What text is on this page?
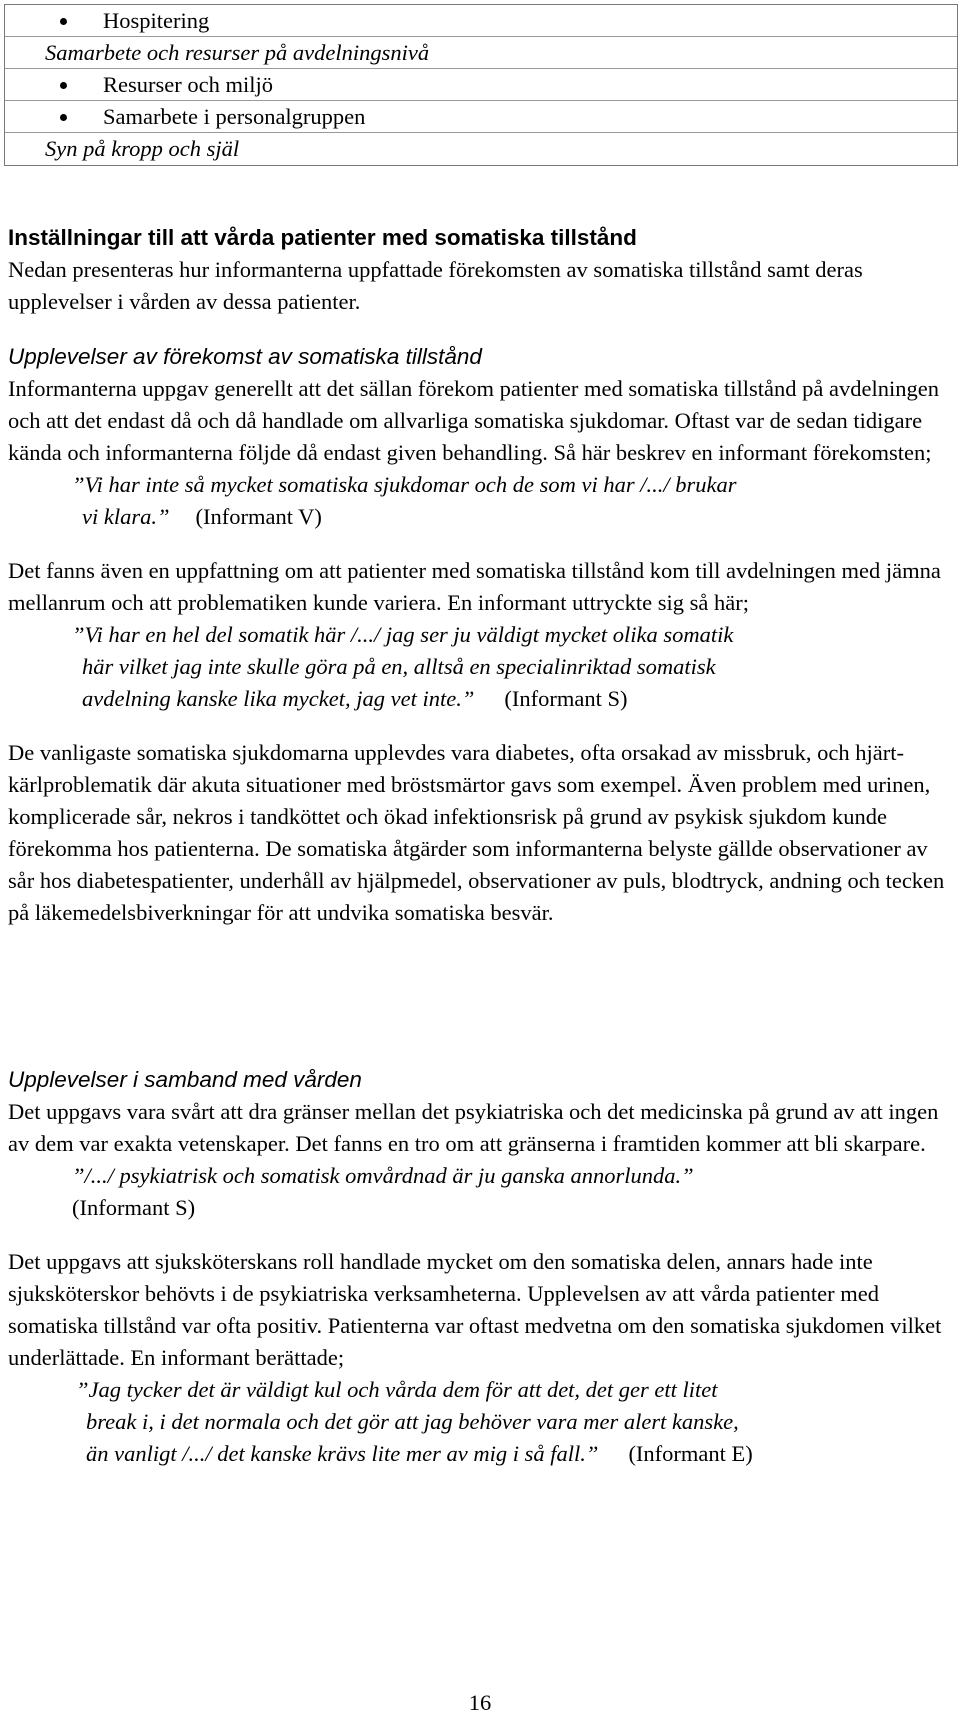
Hospitering
Samarbete och resurser på avdelningsnivå
Resurser och miljö
Samarbete i personalgruppen
Syn på kropp och själ

Inställningar till att vårda patienter med somatiska tillstånd

Nedan presenteras hur informanterna uppfattade förekomsten av somatiska tillstånd samt deras upplevelser i vården av dessa patienter.

Upplevelser av förekomst av somatiska tillstånd

Informanterna uppgav generellt att det sällan förekom patienter med somatiska tillstånd på avdelningen och att det endast då och då handlade om allvarliga somatiska sjukdomar. Oftast var de sedan tidigare kända och informanterna följde då endast given behandling. Så här beskrev en informant förekomsten;

”Vi har inte så mycket somatiska sjukdomar och de som vi har /.../ brukar

vi klara.” (Informant V)

Det fanns även en uppfattning om att patienter med somatiska tillstånd kom till avdelningen med jämna mellanrum och att problematiken kunde variera. En informant uttryckte sig så här;

”Vi har en hel del somatik här /.../ jag ser ju väldigt mycket olika somatik

här vilket jag inte skulle göra på en, alltså en specialinriktad somatisk

avdelning kanske lika mycket, jag vet inte.” (Informant S)

De vanligaste somatiska sjukdomarna upplevdes vara diabetes, ofta orsakad av missbruk, och hjärt-kärlproblematik där akuta situationer med bröstsmärtor gavs som exempel. Även problem med urinen, komplicerade sår, nekros i tandköttet och ökad infektionsrisk på grund av psykisk sjukdom kunde förekomma hos patienterna. De somatiska åtgärder som informanterna belyste gällde observationer av sår hos diabetespatienter, underhåll av hjälpmedel, observationer av puls, blodtryck, andning och tecken på läkemedelsbiverkningar för att undvika somatiska besvär.

Upplevelser i samband med vården

Det uppgavs vara svårt att dra gränser mellan det psykiatriska och det medicinska på grund av att ingen av dem var exakta vetenskaper. Det fanns en tro om att gränserna i framtiden kommer att bli skarpare.

”/.../ psykiatrisk och somatisk omvårdnad är ju ganska annorlunda.”

(Informant S)

Det uppgavs att sjuksköterskans roll handlade mycket om den somatiska delen, annars hade inte sjuksköterskor behövts i de psykiatriska verksamheterna. Upplevelsen av att vårda patienter med somatiska tillstånd var ofta positiv. Patienterna var oftast medvetna om den somatiska sjukdomen vilket underlättade. En informant berättade;

”Jag tycker det är väldigt kul och vårda dem för att det, det ger ett litet

break i, i det normala och det gör att jag behöver vara mer alert kanske,

än vanligt /.../ det kanske krävs lite mer av mig i så fall.” (Informant E)

16
